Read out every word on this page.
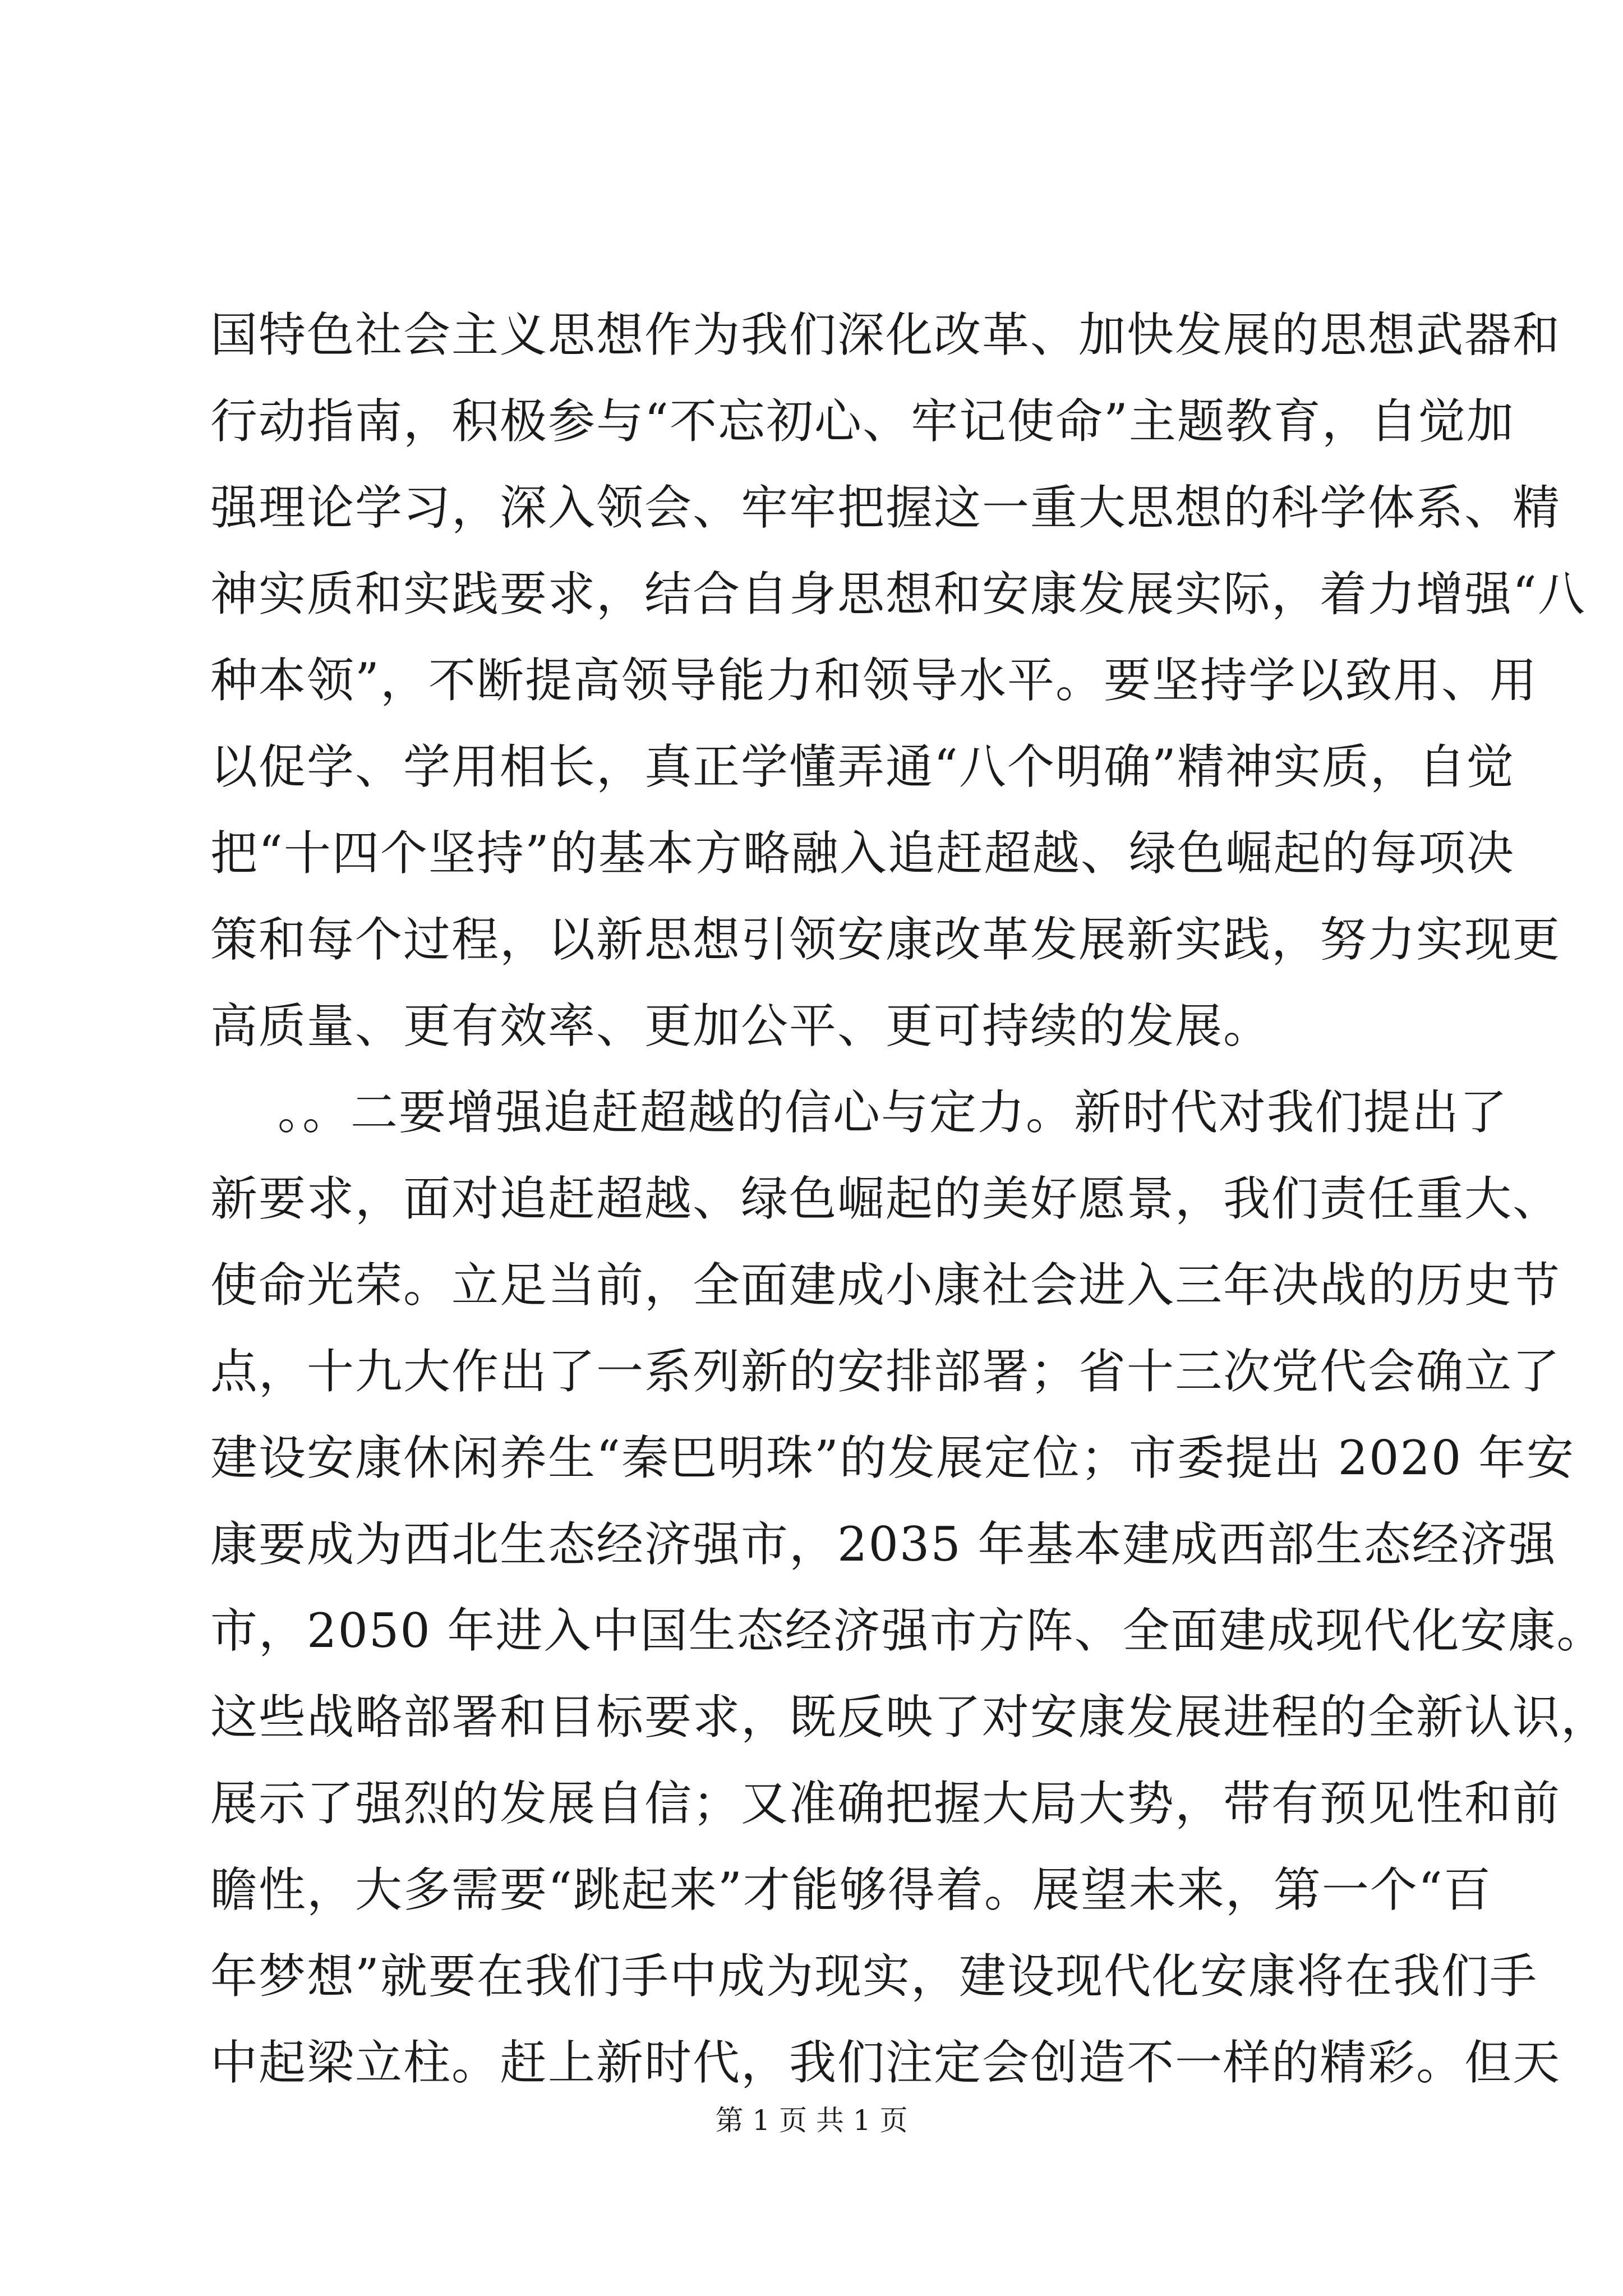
国特色社会主义思想作为我们深化改革、加快发展的思想武器和
行动指南，积极参与“不忘初心、牢记使命”主题教育，自觉加
强理论学习，深入领会、牢牢把握这一重大思想的科学体系、精
神实质和实践要求，结合自身思想和安康发展实际，着力增强“八
种本领”，不断提高领导能力和领导水平。要坚持学以致用、用
以促学、学用相长，真正学懂弄通“八个明确”精神实质，自觉
把“十四个坚持”的基本方略融入追赶超越、绿色崛起的每项决
策和每个过程，以新思想引领安康改革发展新实践，努力实现更
高质量、更有效率、更加公平、更可持续的发展。
。。二要增强追赶超越的信心与定力。新时代对我们提出了
新要求，面对追赶超越、绿色崛起的美好愿景，我们责任重大、
使命光荣。立足当前，全面建成小康社会进入三年决战的历史节
点，十九大作出了一系列新的安排部署；省十三次党代会确立了
建设安康休闲养生“秦巴明珠”的发展定位；市委提出 2020 年安
康要成为西北生态经济强市，2035 年基本建成西部生态经济强
市，2050 年进入中国生态经济强市方阵、全面建成现代化安康。
这些战略部署和目标要求，既反映了对安康发展进程的全新认识，
展示了强烈的发展自信；又准确把握大局大势，带有预见性和前
瞻性，大多需要“跳起来”才能够得着。展望未来，第一个“百
年梦想”就要在我们手中成为现实，建设现代化安康将在我们手
中起梁立柱。赶上新时代，我们注定会创造不一样的精彩。但天
第 1 页 共 1 页
